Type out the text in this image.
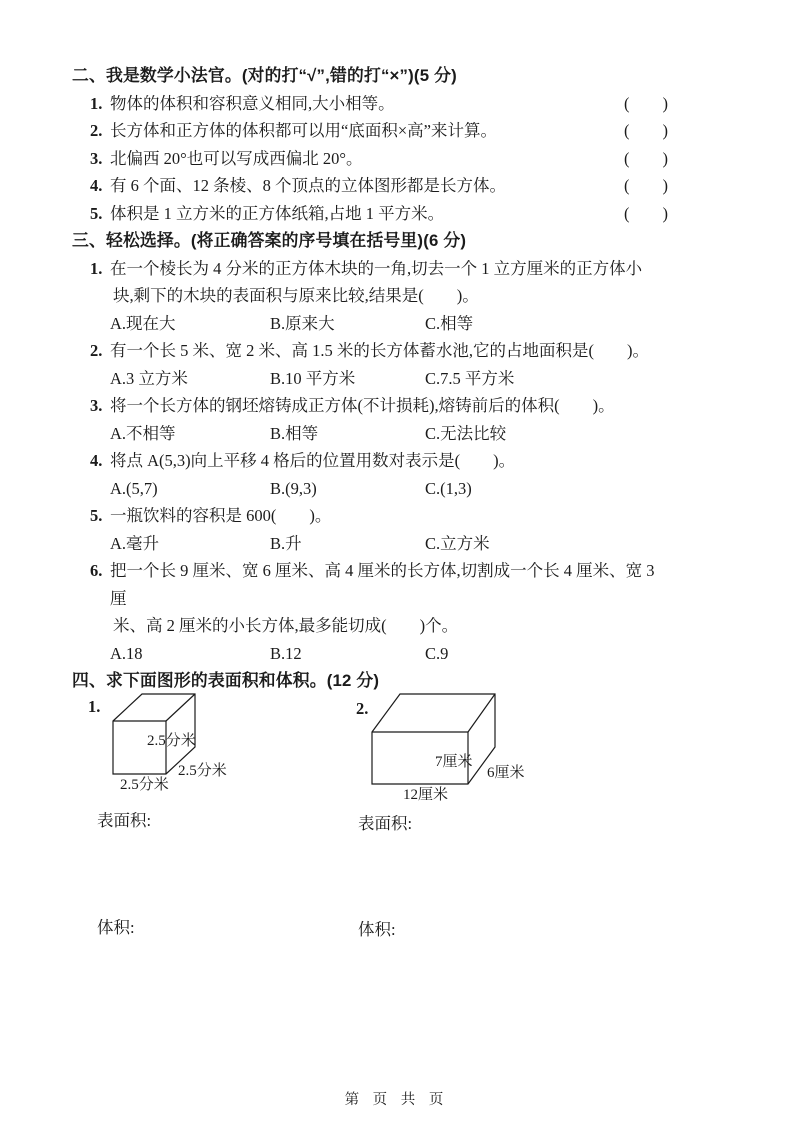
二、我是数学小法官。(对的打“√”,错的打“×”)(5 分)
1. 物体的体积和容积意义相同,大小相等。	(　　)
2. 长方体和正方体的体积都可以用“底面积×高”来计算。	(　　)
3. 北偏西 20°也可以写成西偏北 20°。	(　　)
4. 有 6 个面、12 条棱、8 个顶点的立体图形都是长方体。	(　　)
5. 体积是 1 立方米的正方体纸箱,占地 1 平方米。	(　　)
三、轻松选择。(将正确答案的序号填在括号里)(6 分)
1. 在一个棱长为 4 分米的正方体木块的一角,切去一个 1 立方厘米的正方体小
块,剩下的木块的表面积与原来比较,结果是(　　)。
A.现在大	B.原来大	C.相等
2. 有一个长 5 米、宽 2 米、高 1.5 米的长方体蓄水池,它的占地面积是(　　)。
A.3 立方米	B.10 平方米	C.7.5 平方米
3. 将一个长方体的钢坯熔铸成正方体(不计损耗),熔铸前后的体积(　　)。
A.不相等	B.相等	C.无法比较
4. 将点 A(5,3)向上平移 4 格后的位置用数对表示是(　　)。
A.(5,7)	B.(9,3)	C.(1,3)
5. 一瓶饮料的容积是 600(　　)。
A.毫升	B.升	C.立方米
6. 把一个长 9 厘米、宽 6 厘米、高 4 厘米的长方体,切割成一个长 4 厘米、宽 3 厘
米、高 2 厘米的小长方体,最多能切成(　　)个。
A.18	B.12	C.9
四、求下面图形的表面积和体积。(12 分)
1.
2.5分米
2.5分米
2.5分米
2.
7厘米
6厘米
12厘米
表面积:	表面积:
体积:	体积:
第 页 共 页
